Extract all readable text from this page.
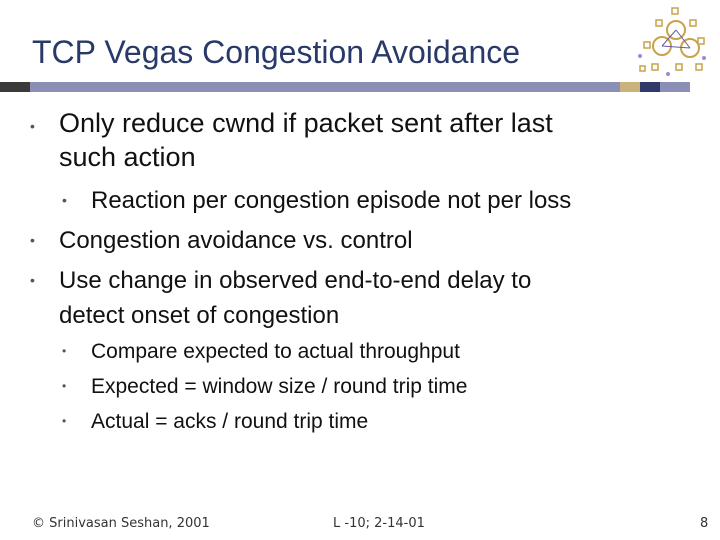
TCP Vegas Congestion Avoidance
• Only reduce cwnd if packet sent after last
such action
• Reaction per congestion episode not per loss
• Congestion avoidance vs. control
• Use change in observed end-to-end delay to
detect onset of congestion
• Compare expected to actual throughput
• Expected = window size / round trip time
• Actual = acks / round trip time
© Srinivasan Seshan, 2001	L -10; 2-14-01	8
